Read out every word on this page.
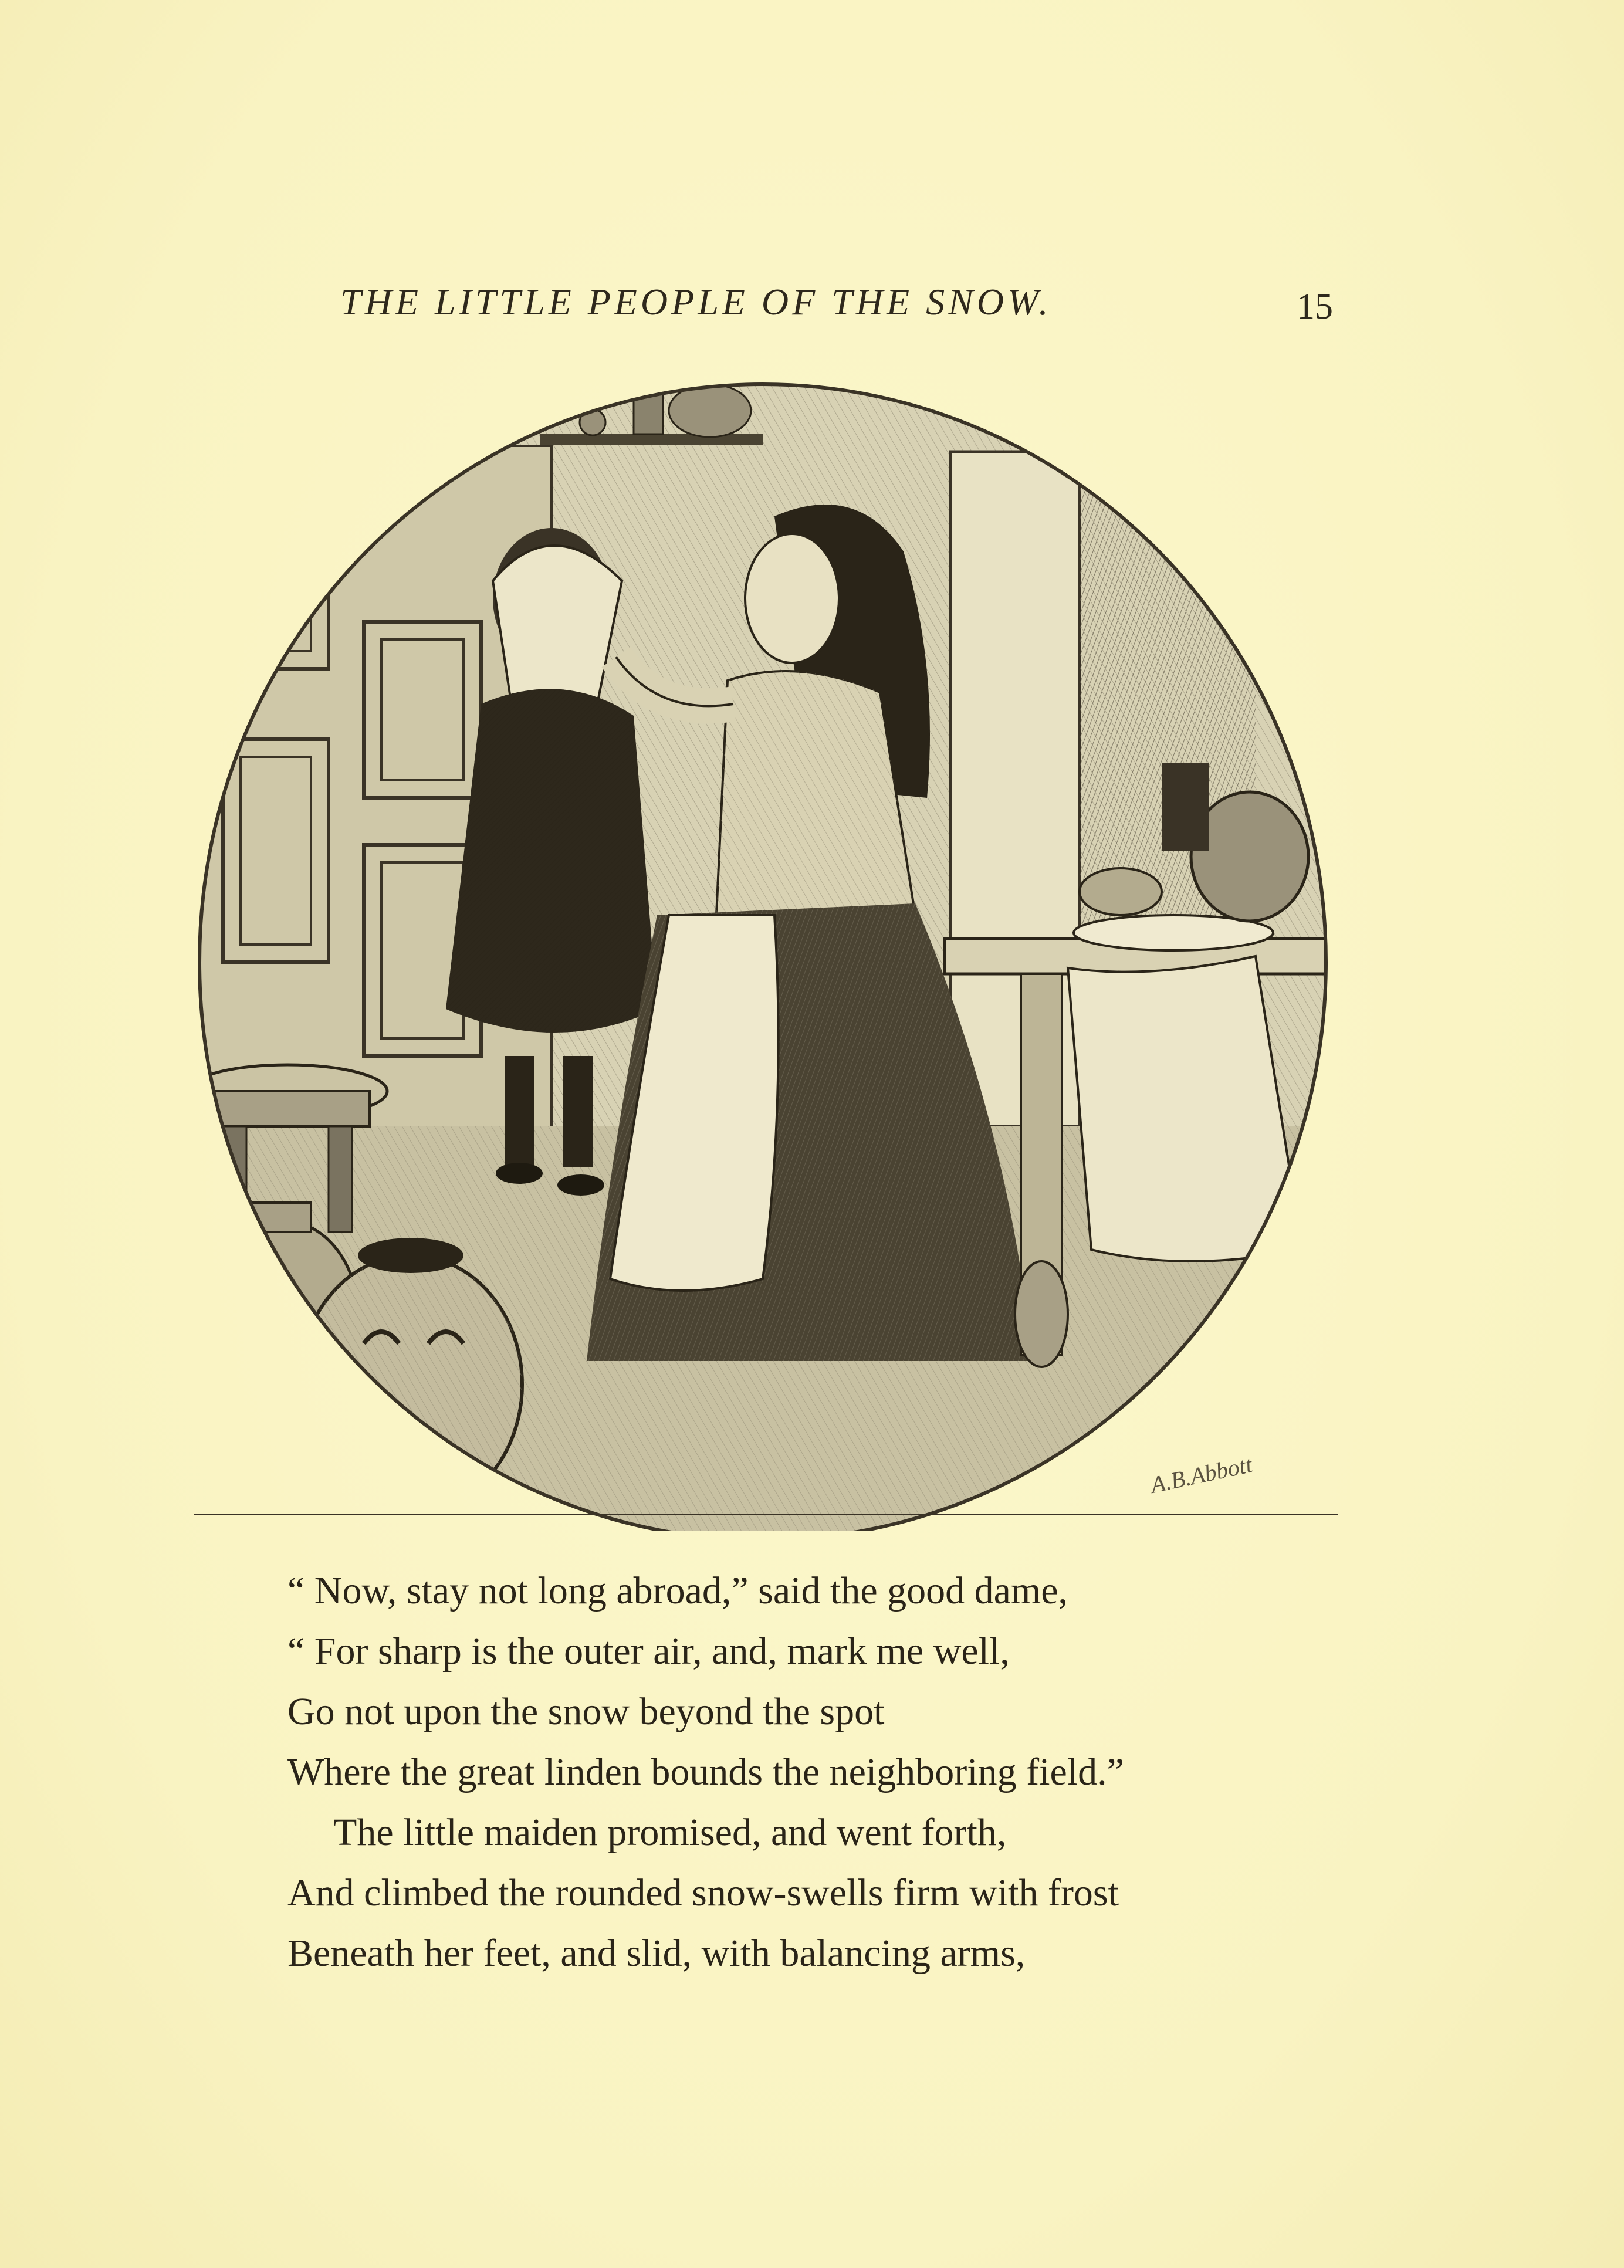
THE LITTLE PEOPLE OF THE SNOW.	15
A.B.Abbott
“ Now, stay not long abroad,” said the good dame,
“ For sharp is the outer air, and, mark me well,
Go not upon the snow beyond the spot
Where the great linden bounds the neighboring field.”
The little maiden promised, and went forth,
And climbed the rounded snow-swells firm with frost
Beneath her feet, and slid, with balancing arms,
